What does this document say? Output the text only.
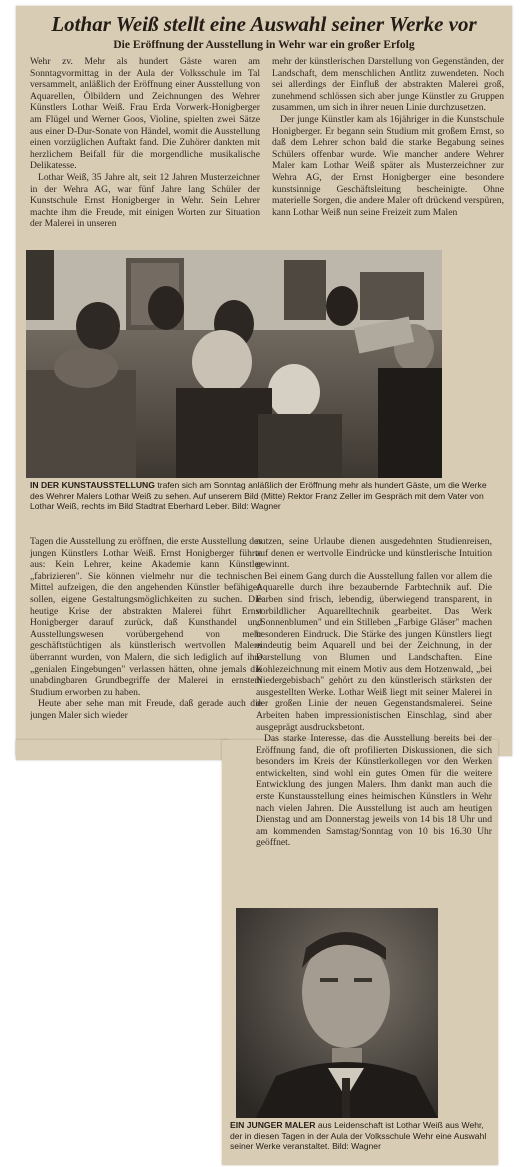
Lothar Weiß stellt eine Auswahl seiner Werke vor
Die Eröffnung der Ausstellung in Wehr war ein großer Erfolg

Wehr zv. Mehr als hundert Gäste waren am Sonntagvormittag in der Aula der Volksschule im Tal versammelt, anläßlich der Eröffnung einer Ausstellung von Aquarellen, Ölbildern und Zeichnungen des Wehrer Künstlers Lothar Weiß. Frau Erda Vorwerk-Honigberger am Flügel und Werner Goos, Violine, spielten zwei Sätze aus einer D-Dur-Sonate von Händel, womit die Ausstellung einen vorzüglichen Auftakt fand. Die Zuhörer dankten mit herzlichem Beifall für die morgendliche musikalische Delikatesse.

Lothar Weiß, 35 Jahre alt, seit 12 Jahren Musterzeichner in der Wehra AG, war fünf Jahre lang Schüler der Kunstschule Ernst Honigberger in Wehr. Sein Lehrer machte ihm die Freude, mit einigen Worten zur Situation der Malerei in unseren

mehr der künstlerischen Darstellung von Gegenständen, der Landschaft, dem menschlichen Antlitz zuwendeten. Noch sei allerdings der Einfluß der abstrakten Malerei groß, zunehmend schlössen sich aber junge Künstler zu Gruppen zusammen, um sich in ihrer neuen Linie durchzusetzen.

Der junge Künstler kam als 16jähriger in die Kunstschule Honigberger. Er begann sein Studium mit großem Ernst, so daß dem Lehrer schon bald die starke Begabung seines Schülers offenbar wurde. Wie mancher andere Wehrer Maler kam Lothar Weiß später als Musterzeichner zur Wehra AG, der Ernst Honigberger eine besondere kunstsinnige Geschäftsleitung bescheinigte. Ohne materielle Sorgen, die andere Maler oft drückend verspüren, kann Lothar Weiß nun seine Freizeit zum Malen

IN DER KUNSTAUSSTELLUNG trafen sich am Sonntag anläßlich der Eröffnung mehr als hundert Gäste, um die Werke des Wehrer Malers Lothar Weiß zu sehen. Auf unserem Bild (Mitte) Rektor Franz Zeller im Gespräch mit dem Vater von Lothar Weiß, rechts im Bild Stadtrat Eberhard Leber. Bild: Wagner

Tagen die Ausstellung zu eröffnen, die erste Ausstellung des jungen Künstlers Lothar Weiß. Ernst Honigberger führte aus: Kein Lehrer, keine Akademie kann Künstler „fabrizieren". Sie können vielmehr nur die technischen Mittel aufzeigen, die den angehenden Künstler befähigen sollen, eigene Gestaltungsmöglichkeiten zu suchen. Die heutige Krise der abstrakten Malerei führt Ernst Honigberger darauf zurück, daß Kunsthandel und Ausstellungswesen vorübergehend von mehr geschäftstüchtigen als künstlerisch wertvollen Malern überrannt wurden, von Malern, die sich lediglich auf ihre „genialen Eingebungen" verlassen hätten, ohne jemals die unabdingbaren Grundbegriffe der Malerei in ernstem Studium erworben zu haben.

Heute aber sehe man mit Freude, daß gerade auch die jungen Maler sich wieder

nutzen, seine Urlaube dienen ausgedehnten Studienreisen, auf denen er wertvolle Eindrücke und künstlerische Intuition gewinnt.

Bei einem Gang durch die Ausstellung fallen vor allem die Aquarelle durch ihre bezaubernde Farbtechnik auf. Die Farben sind frisch, lebendig, überwiegend transparent, in vorbildlicher Aquarelltechnik gearbeitet. Das Werk „Sonnenblumen" und ein Stilleben „Farbige Gläser" machen besonderen Eindruck. Die Stärke des jungen Künstlers liegt eindeutig beim Aquarell und bei der Zeichnung, in der Darstellung von Blumen und Landschaften. Eine Kohlezeichnung mit einem Motiv aus dem Hotzenwald, „bei Niedergebisbach" gehört zu den künstlerisch stärksten der ausgestellten Werke. Lothar Weiß liegt mit seiner Malerei in der großen Linie der neuen Gegenstandsmalerei. Seine Arbeiten haben impressionistischen Einschlag, sind aber ausgeprägt ausdrucksbetont.

Das starke Interesse, das die Ausstellung bereits bei der Eröffnung fand, die oft profilierten Diskussionen, die sich besonders im Kreis der Künstlerkollegen vor den Werken entwickelten, sind wohl ein gutes Omen für die weitere Entwicklung des jungen Malers. Ihm dankt man auch die erste Kunstausstellung eines heimischen Künstlers in Wehr nach vielen Jahren. Die Ausstellung ist auch am heutigen Dienstag und am Donnerstag jeweils von 14 bis 18 Uhr und am kommenden Samstag/Sonntag von 10 bis 16.30 Uhr geöffnet.

EIN JUNGER MALER aus Leidenschaft ist Lothar Weiß aus Wehr, der in diesen Tagen in der Aula der Volksschule Wehr eine Auswahl seiner Werke veranstaltet. Bild: Wagner
